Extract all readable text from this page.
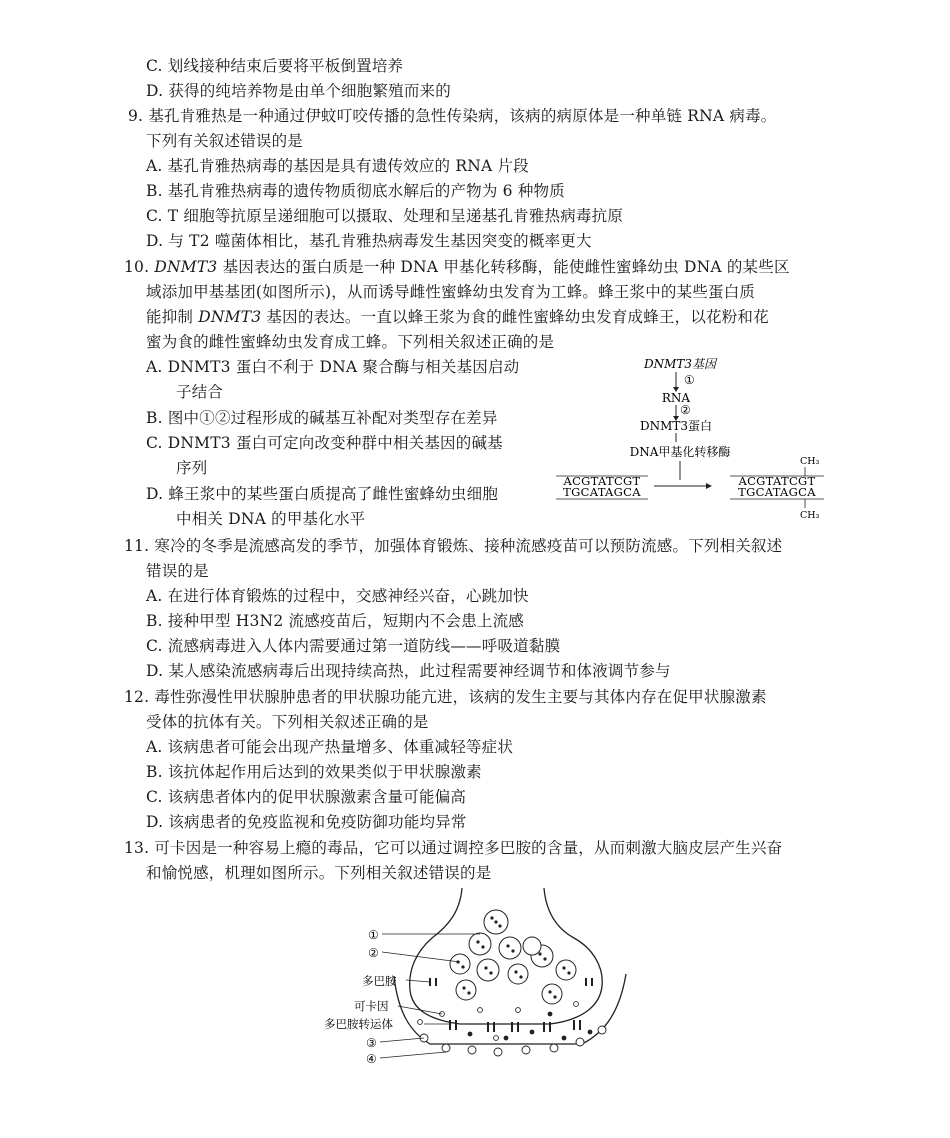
C. 划线接种结束后要将平板倒置培养
D. 获得的纯培养物是由单个细胞繁殖而来的
9. 基孔肯雅热是一种通过伊蚊叮咬传播的急性传染病，该病的病原体是一种单链 RNA 病毒。
下列有关叙述错误的是
A. 基孔肯雅热病毒的基因是具有遗传效应的 RNA 片段
B. 基孔肯雅热病毒的遗传物质彻底水解后的产物为 6 种物质
C. T 细胞等抗原呈递细胞可以摄取、处理和呈递基孔肯雅热病毒抗原
D. 与 T2 噬菌体相比，基孔肯雅热病毒发生基因突变的概率更大
10. DNMT3 基因表达的蛋白质是一种 DNA 甲基化转移酶，能使雌性蜜蜂幼虫 DNA 的某些区
域添加甲基基团(如图所示)，从而诱导雌性蜜蜂幼虫发育为工蜂。蜂王浆中的某些蛋白质
能抑制 DNMT3 基因的表达。一直以蜂王浆为食的雌性蜜蜂幼虫发育成蜂王，以花粉和花
蜜为食的雌性蜜蜂幼虫发育成工蜂。下列相关叙述正确的是
A. DNMT3 蛋白不利于 DNA 聚合酶与相关基因启动
子结合
B. 图中①②过程形成的碱基互补配对类型存在差异
C. DNMT3 蛋白可定向改变种群中相关基因的碱基
序列
D. 蜂王浆中的某些蛋白质提高了雌性蜜蜂幼虫细胞
中相关 DNA 的甲基化水平
DNMT3基因
①
RNA
②
DNMT3蛋白
DNA甲基化转移酶
ACGTATCGT
TGCATAGCA
CH₃
ACGTATCGT
TGCATAGCA
CH₃
11. 寒冷的冬季是流感高发的季节，加强体育锻炼、接种流感疫苗可以预防流感。下列相关叙述
错误的是
A. 在进行体育锻炼的过程中，交感神经兴奋，心跳加快
B. 接种甲型 H3N2 流感疫苗后，短期内不会患上流感
C. 流感病毒进入人体内需要通过第一道防线——呼吸道黏膜
D. 某人感染流感病毒后出现持续高热，此过程需要神经调节和体液调节参与
12. 毒性弥漫性甲状腺肿患者的甲状腺功能亢进，该病的发生主要与其体内存在促甲状腺激素
受体的抗体有关。下列相关叙述正确的是
A. 该病患者可能会出现产热量增多、体重减轻等症状
B. 该抗体起作用后达到的效果类似于甲状腺激素
C. 该病患者体内的促甲状腺激素含量可能偏高
D. 该病患者的免疫监视和免疫防御功能均异常
13. 可卡因是一种容易上瘾的毒品，它可以通过调控多巴胺的含量，从而刺激大脑皮层产生兴奋
和愉悦感，机理如图所示。下列相关叙述错误的是
①
②
多巴胺
可卡因
多巴胺转运体
③
④
